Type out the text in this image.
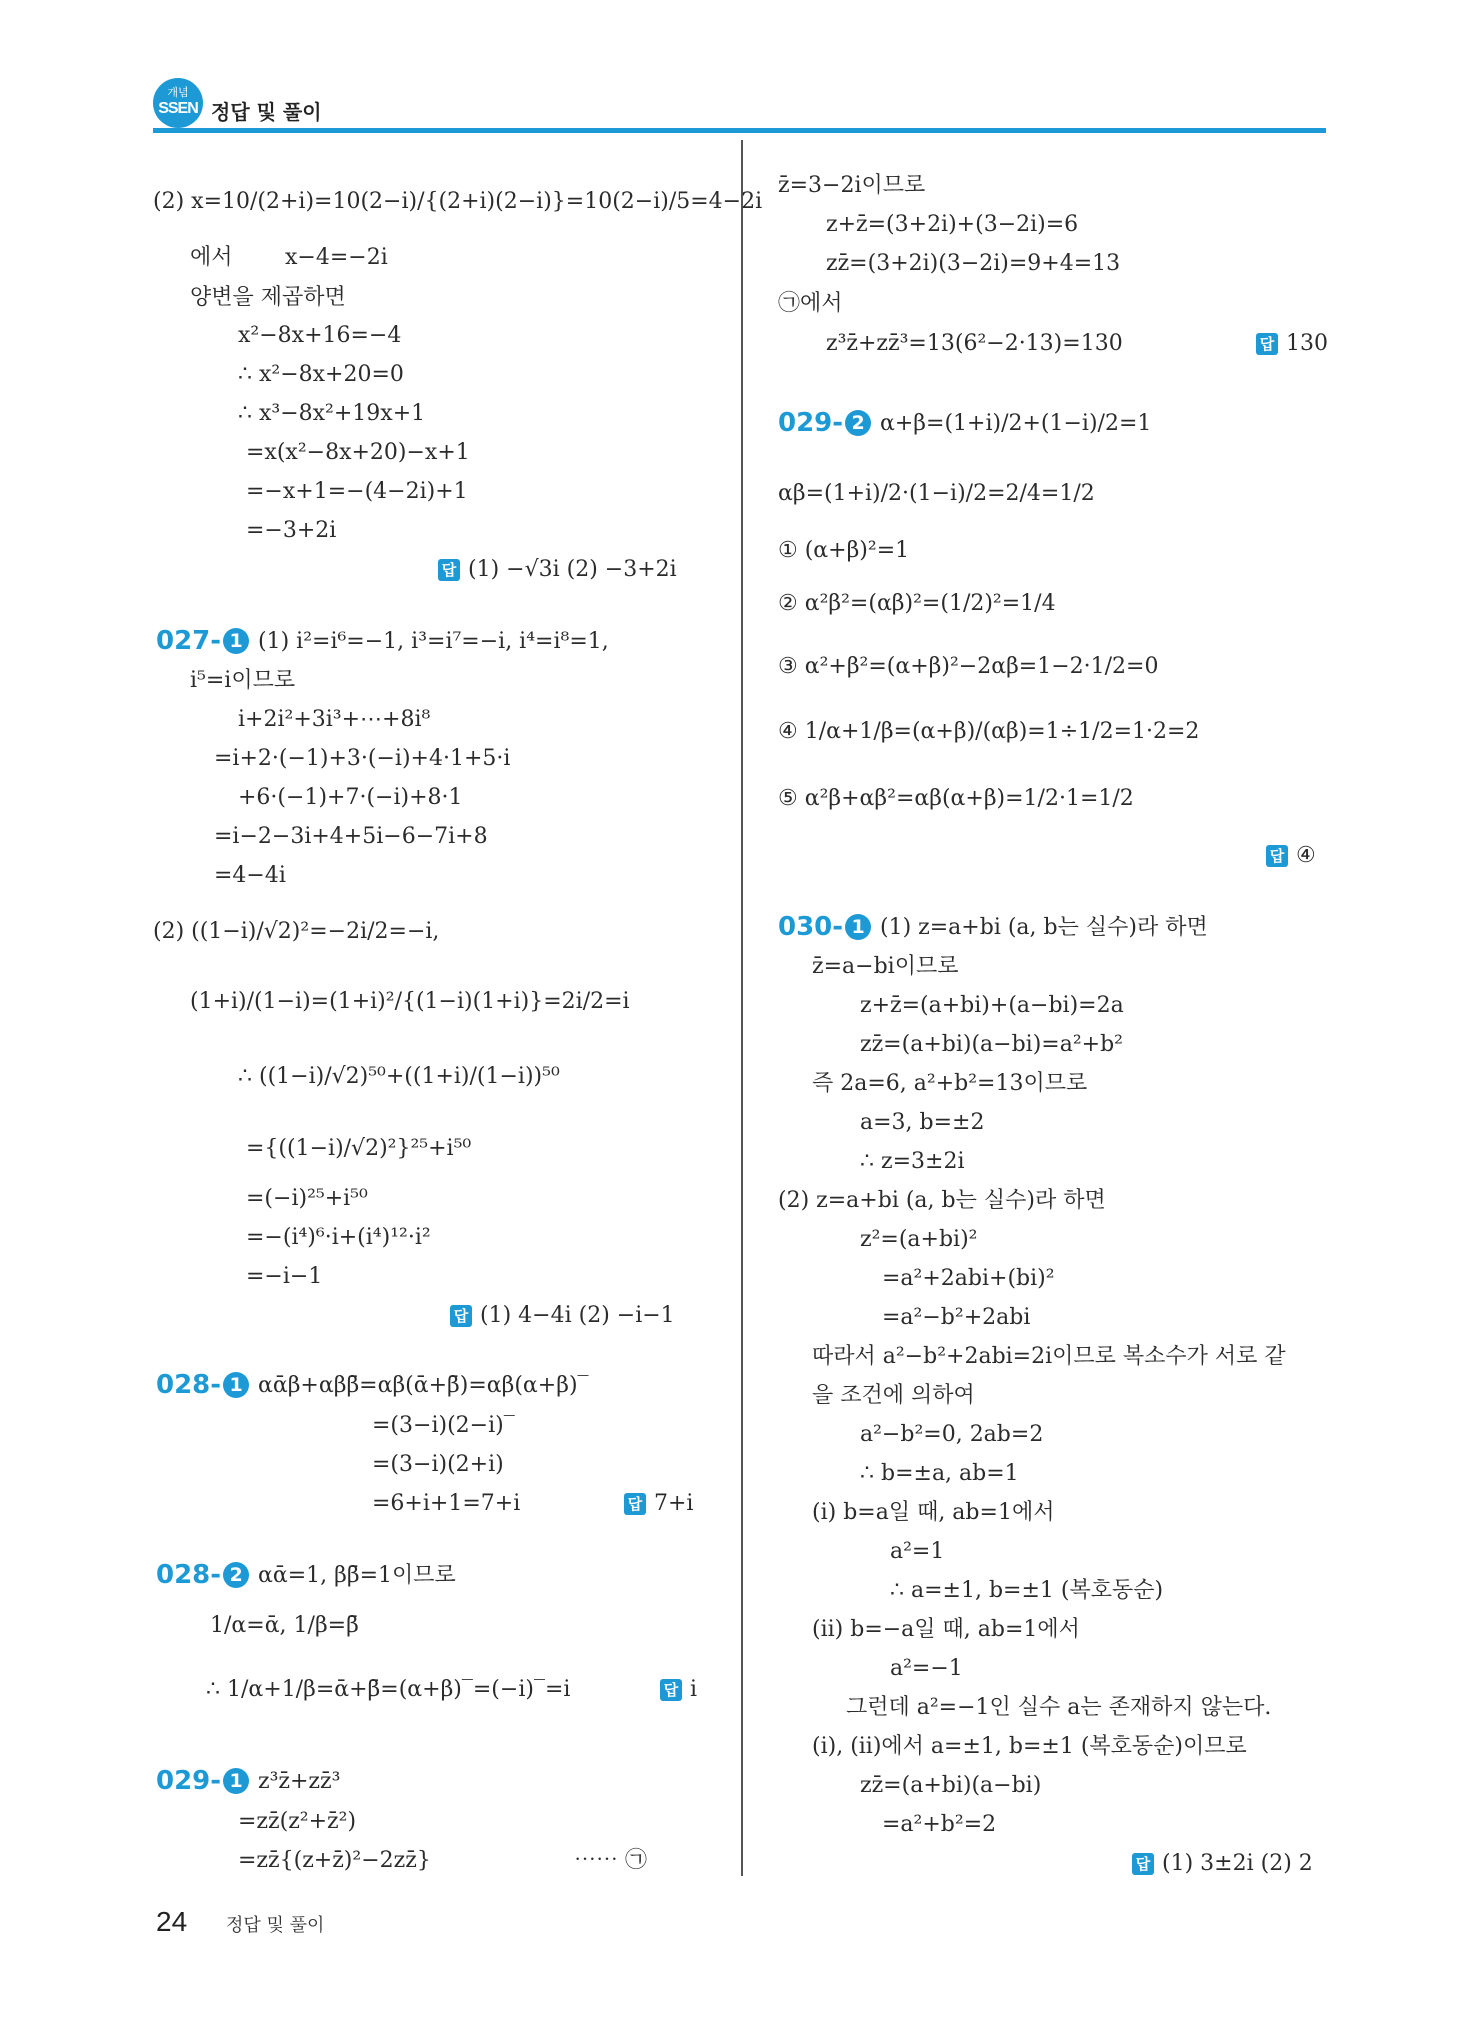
개념
SSEN 정답 및 풀이
(2) x=10/(2+i)=10(2−i)/{(2+i)(2−i)}=10(2−i)/5=4−2i
에서 x−4=−2i
양변을 제곱하면
x²−8x+16=−4
∴ x²−8x+20=0
∴ x³−8x²+19x+1
=x(x²−8x+20)−x+1
=−x+1=−(4−2i)+1
=−3+2i
답 (1) −√3i (2) −3+2i
027- 1 (1) i²=i⁶=−1, i³=i⁷=−i, i⁴=i⁸=1,
i⁵=i이므로
i+2i²+3i³+⋯+8i⁸
=i+2·(−1)+3·(−i)+4·1+5·i
+6·(−1)+7·(−i)+8·1
=i−2−3i+4+5i−6−7i+8
=4−4i
(2) ((1−i)/√2)²=−2i/2=−i,
(1+i)/(1−i)=(1+i)²/{(1−i)(1+i)}=2i/2=i
∴ ((1−i)/√2)⁵⁰+((1+i)/(1−i))⁵⁰
={((1−i)/√2)²}²⁵+i⁵⁰
=(−i)²⁵+i⁵⁰
=−(i⁴)⁶·i+(i⁴)¹²·i²
=−i−1
답 (1) 4−4i (2) −i−1
028- 1 αᾱβ+αββ̄=αβ(ᾱ+β̄)=αβ(α+β)‾
=(3−i)(2−i)‾
=(3−i)(2+i)
=6+i+1=7+i	답 7+i
028- 2 αᾱ=1, ββ̄=1이므로
1/α=ᾱ, 1/β=β̄
∴ 1/α+1/β=ᾱ+β̄=(α+β)‾=(−i)‾=i	답 i
029- 1 z³z̄+zz̄³
=zz̄(z²+z̄²)
=zz̄{(z+z̄)²−2zz̄}	⋯⋯ ㉠
z̄=3−2i이므로
z+z̄=(3+2i)+(3−2i)=6
zz̄=(3+2i)(3−2i)=9+4=13
㉠에서
z³z̄+zz̄³=13(6²−2·13)=130	답 130
029- 2 α+β=(1+i)/2+(1−i)/2=1
αβ=(1+i)/2·(1−i)/2=2/4=1/2
① (α+β)²=1
② α²β²=(αβ)²=(1/2)²=1/4
③ α²+β²=(α+β)²−2αβ=1−2·1/2=0
④ 1/α+1/β=(α+β)/(αβ)=1÷1/2=1·2=2
⑤ α²β+αβ²=αβ(α+β)=1/2·1=1/2
답 ④
030- 1 (1) z=a+bi (a, b는 실수)라 하면
z̄=a−bi이므로
z+z̄=(a+bi)+(a−bi)=2a
zz̄=(a+bi)(a−bi)=a²+b²
즉 2a=6, a²+b²=13이므로
a=3, b=±2
∴ z=3±2i
(2) z=a+bi (a, b는 실수)라 하면
z²=(a+bi)²
=a²+2abi+(bi)²
=a²−b²+2abi
따라서 a²−b²+2abi=2i이므로 복소수가 서로 같
을 조건에 의하여
a²−b²=0, 2ab=2
∴ b=±a, ab=1
(i) b=a일 때, ab=1에서
a²=1
∴ a=±1, b=±1 (복호동순)
(ii) b=−a일 때, ab=1에서
a²=−1
그런데 a²=−1인 실수 a는 존재하지 않는다.
(i), (ii)에서 a=±1, b=±1 (복호동순)이므로
zz̄=(a+bi)(a−bi)
=a²+b²=2
답 (1) 3±2i (2) 2
24 정답 및 풀이
